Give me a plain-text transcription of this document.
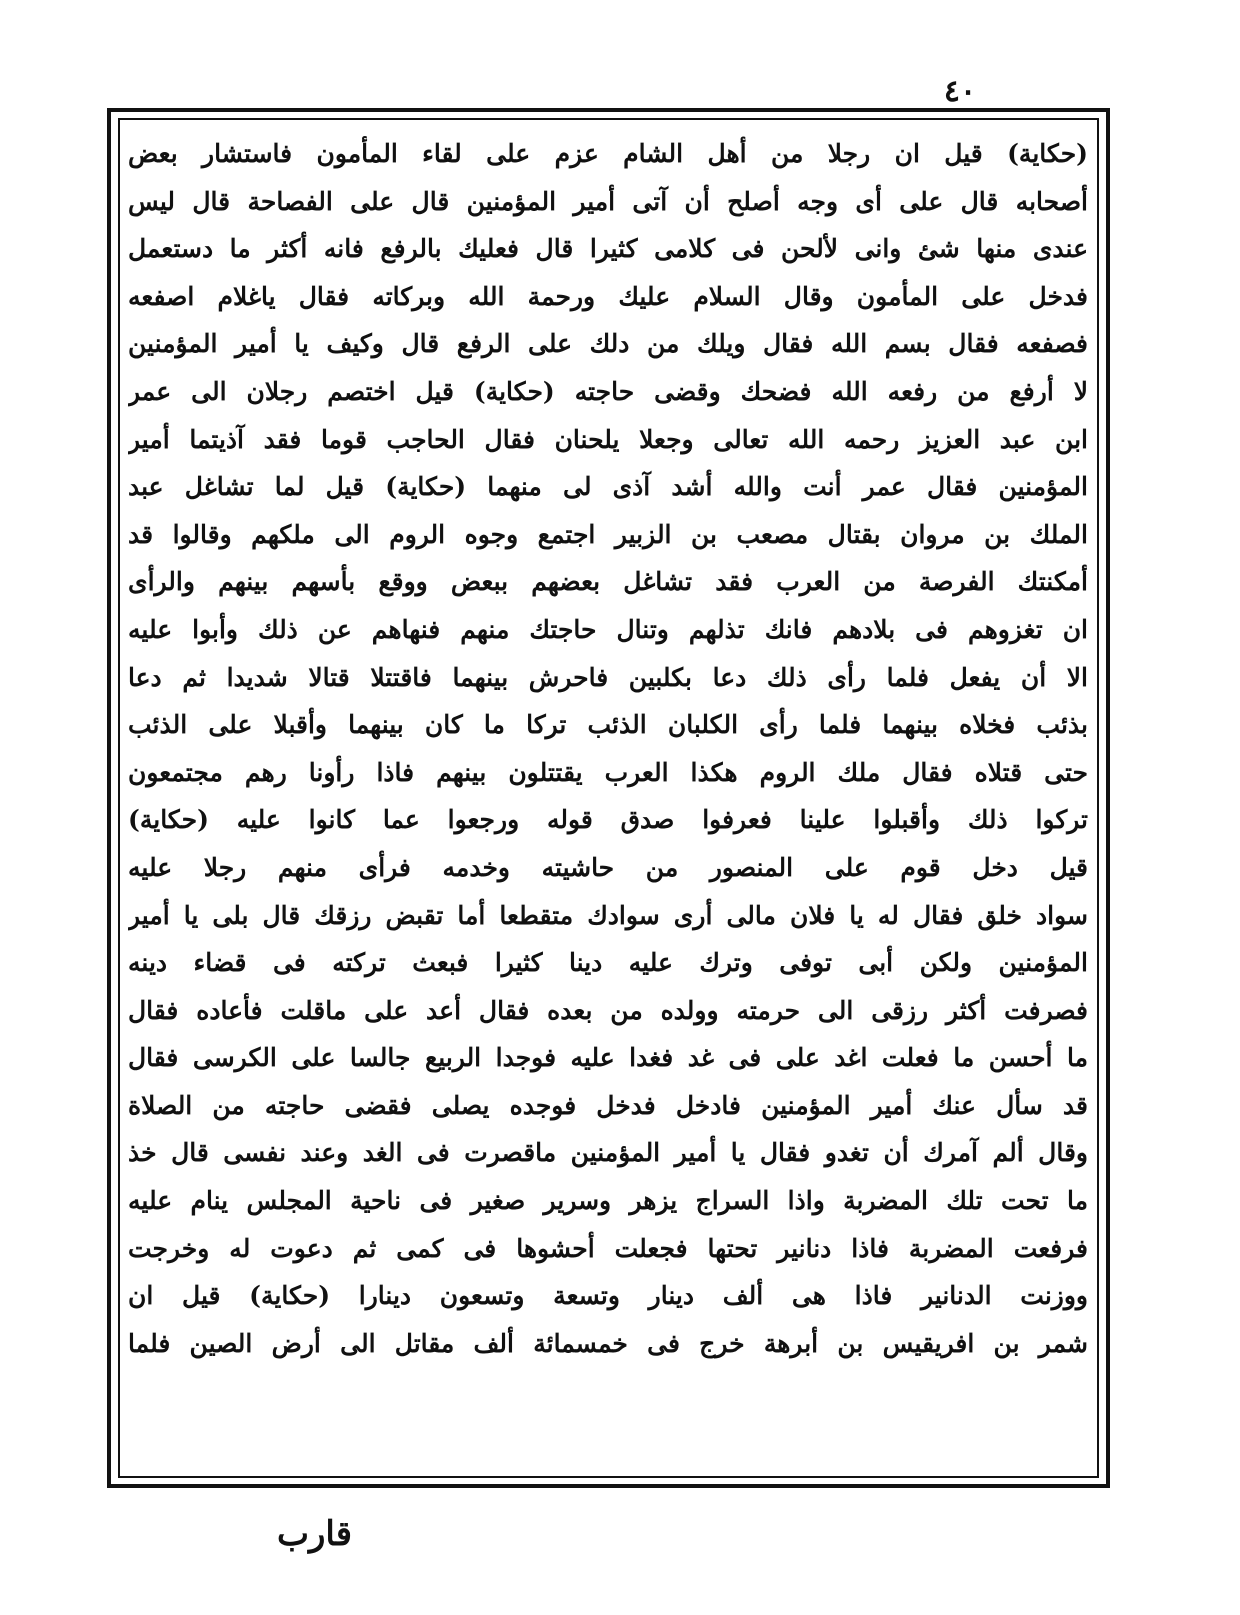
٤٠
(حكاية) قيل ان رجلا من أهل الشام عزم على لقاء المأمون فاستشار بعض
أصحابه قال على أى وجه أصلح أن آتى أمير المؤمنين قال على الفصاحة قال ليس
عندى منها شئ وانى لألحن فى كلامى كثيرا قال فعليك بالرفع فانه أكثر ما دستعمل
فدخل على المأمون وقال السلام عليك ورحمة الله وبركاته فقال ياغلام اصفعه
فصفعه فقال بسم الله فقال ويلك من دلك على الرفع قال وكيف يا أمير المؤمنين
لا أرفع من رفعه الله فضحك وقضى حاجته (حكاية) قيل اختصم رجلان الى عمر
ابن عبد العزيز رحمه الله تعالى وجعلا يلحنان فقال الحاجب قوما فقد آذيتما أمير
المؤمنين فقال عمر أنت والله أشد آذى لى منهما (حكاية) قيل لما تشاغل عبد
الملك بن مروان بقتال مصعب بن الزبير اجتمع وجوه الروم الى ملكهم وقالوا قد
أمكنتك الفرصة من العرب فقد تشاغل بعضهم ببعض ووقع بأسهم بينهم والرأى
ان تغزوهم فى بلادهم فانك تذلهم وتنال حاجتك منهم فنهاهم عن ذلك وأبوا عليه
الا أن يفعل فلما رأى ذلك دعا بكلبين فاحرش بينهما فاقتتلا قتالا شديدا ثم دعا
بذئب فخلاه بينهما فلما رأى الكلبان الذئب تركا ما كان بينهما وأقبلا على الذئب
حتى قتلاه فقال ملك الروم هكذا العرب يقتتلون بينهم فاذا رأونا رهم مجتمعون
تركوا ذلك وأقبلوا علينا فعرفوا صدق قوله ورجعوا عما كانوا عليه (حكاية)
قيل دخل قوم على المنصور من حاشيته وخدمه فرأى منهم رجلا عليه
سواد خلق فقال له يا فلان مالى أرى سوادك متقطعا أما تقبض رزقك قال بلى يا أمير
المؤمنين ولكن أبى توفى وترك عليه دينا كثيرا فبعث تركته فى قضاء دينه
فصرفت أكثر رزقى الى حرمته وولده من بعده فقال أعد على ماقلت فأعاده فقال
ما أحسن ما فعلت اغد على فى غد فغدا عليه فوجدا الربيع جالسا على الكرسى فقال
قد سأل عنك أمير المؤمنين فادخل فدخل فوجده يصلى فقضى حاجته من الصلاة
وقال ألم آمرك أن تغدو فقال يا أمير المؤمنين ماقصرت فى الغد وعند نفسى قال خذ
ما تحت تلك المضربة واذا السراج يزهر وسرير صغير فى ناحية المجلس ينام عليه
فرفعت المضربة فاذا دنانير تحتها فجعلت أحشوها فى كمى ثم دعوت له وخرجت
ووزنت الدنانير فاذا هى ألف دينار وتسعة وتسعون دينارا (حكاية) قيل ان
شمر بن افريقيس بن أبرهة خرج فى خمسمائة ألف مقاتل الى أرض الصين فلما
قارب
